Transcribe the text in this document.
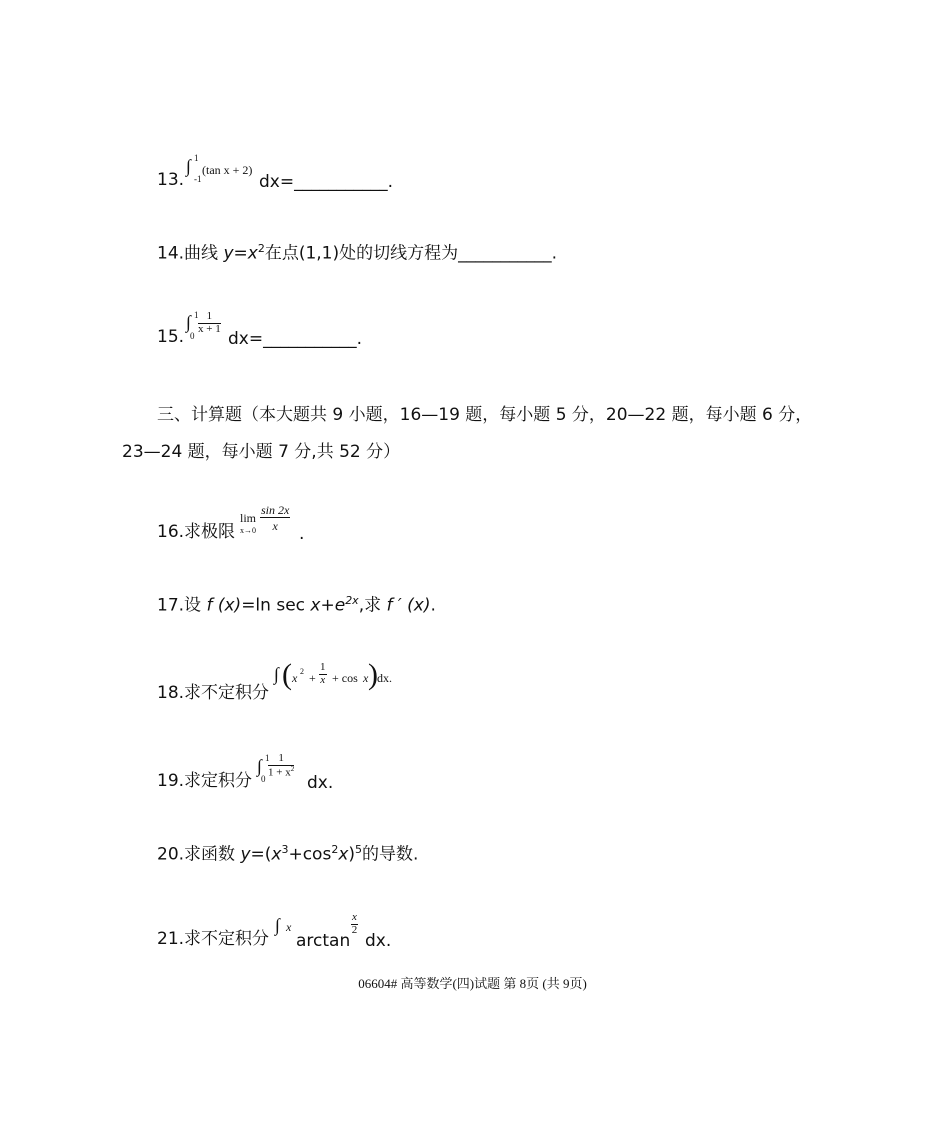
13.
∫ 1
-1
(tan x + 2)
dx=___________.
14.曲线 $y=x^2$在点(1,1)处的切线方程为___________.
15.
∫ 1
0
$\frac{1}{x + 1}$
dx=___________.
三、计算题（本大题共 9 小题，16—19 题，每小题 5 分，20—22 题，每小题 6 分，
23—24 题，每小题 7 分,共 52 分）
16.求极限
lim
$x\to 0 \frac{\sin 2x}{x}$
.
17.设 f (x)=ln $\sec x+e^{2x}$,求 f ′ (x).
18.求不定积分
∫ ( x $2 + \frac{1}{x} + \cos x$ ) dx.
19.求定积分
∫ 1
0
$\frac{1}{1 + x^2}$
dx.
20.求函数 $y=(x^3+\cos^2x)^5$的导数.
21.求不定积分
∫ x
arctan
$\frac{x}{2}$
dx.
06604# 高等数学(四)试题 第 8页 (共 9页)
